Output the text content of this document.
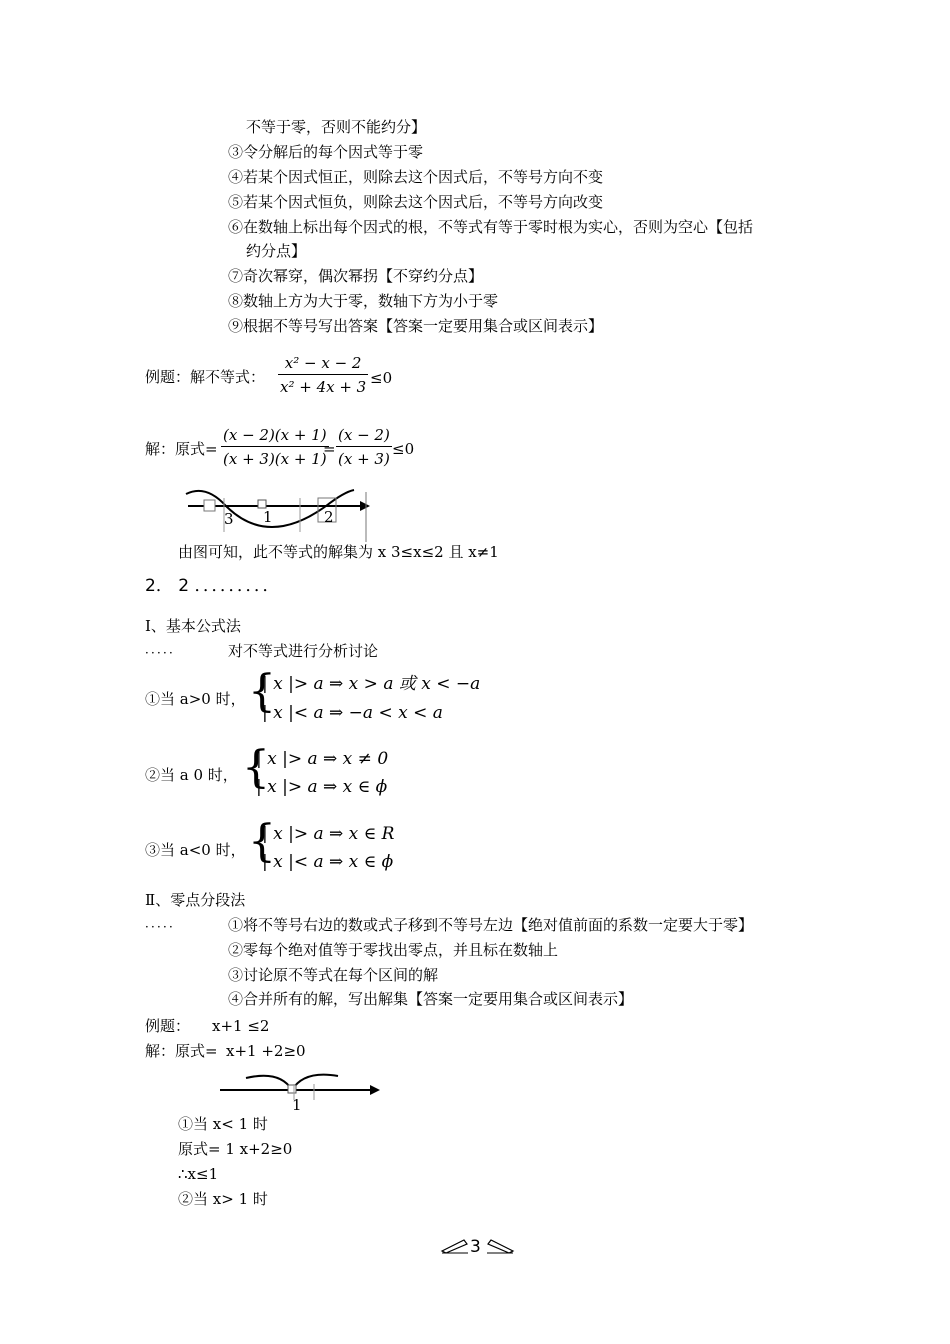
不等于零，否则不能约分】
③令分解后的每个因式等于零
④若某个因式恒正，则除去这个因式后，不等号方向不变
⑤若某个因式恒负，则除去这个因式后，不等号方向改变
⑥在数轴上标出每个因式的根，不等式有等于零时根为实心，否则为空心【包括
约分点】
⑦奇次幂穿，偶次幂拐【不穿约分点】
⑧数轴上方为大于零，数轴下方为小于零
⑨根据不等号写出答案【答案一定要用集合或区间表示】
例题：解不等式： $\frac{\text{x² − x − 2}}{\text{x² + 4x + 3}} \le 0$
解：原式= $\frac{(x - 2)(x + 1)}{(x + 3)(x + 1)}$
= $\frac{(x - 2)}{(x + 3)} \le 0$
3 1	2
由图可知，此不等式的解集为 x 3≤x≤2 且 x≠1
2． 2 ．．．．．．．．．
Ⅰ、基本公式法
．．．．．	对不等式进行分析讨论
①当 a>0 时， {
| x |> a ⇒ x > a 或 x < −a
| x |< a ⇒ −a < x < a
②当 a 0 时， {
| x |> a ⇒ x ≠ 0
| x |> a ⇒ x ∈ ϕ
③当 a<0 时， {
| x |> a ⇒ x ∈ R
| x |< a ⇒ x ∈ ϕ
Ⅱ、零点分段法
．．．．．	①将不等号右边的数或式子移到不等号左边【绝对值前面的系数一定要大于零】
②零每个绝对值等于零找出零点，并且标在数轴上
③讨论原不等式在每个区间的解
④合并所有的解，写出解集【答案一定要用集合或区间表示】
例题： x+1 ≤2
解：原式= x+1 +2≥0
1
①当 x< 1 时
原式= 1 x+2≥0
∴x≤1
②当 x> 1 时
3
